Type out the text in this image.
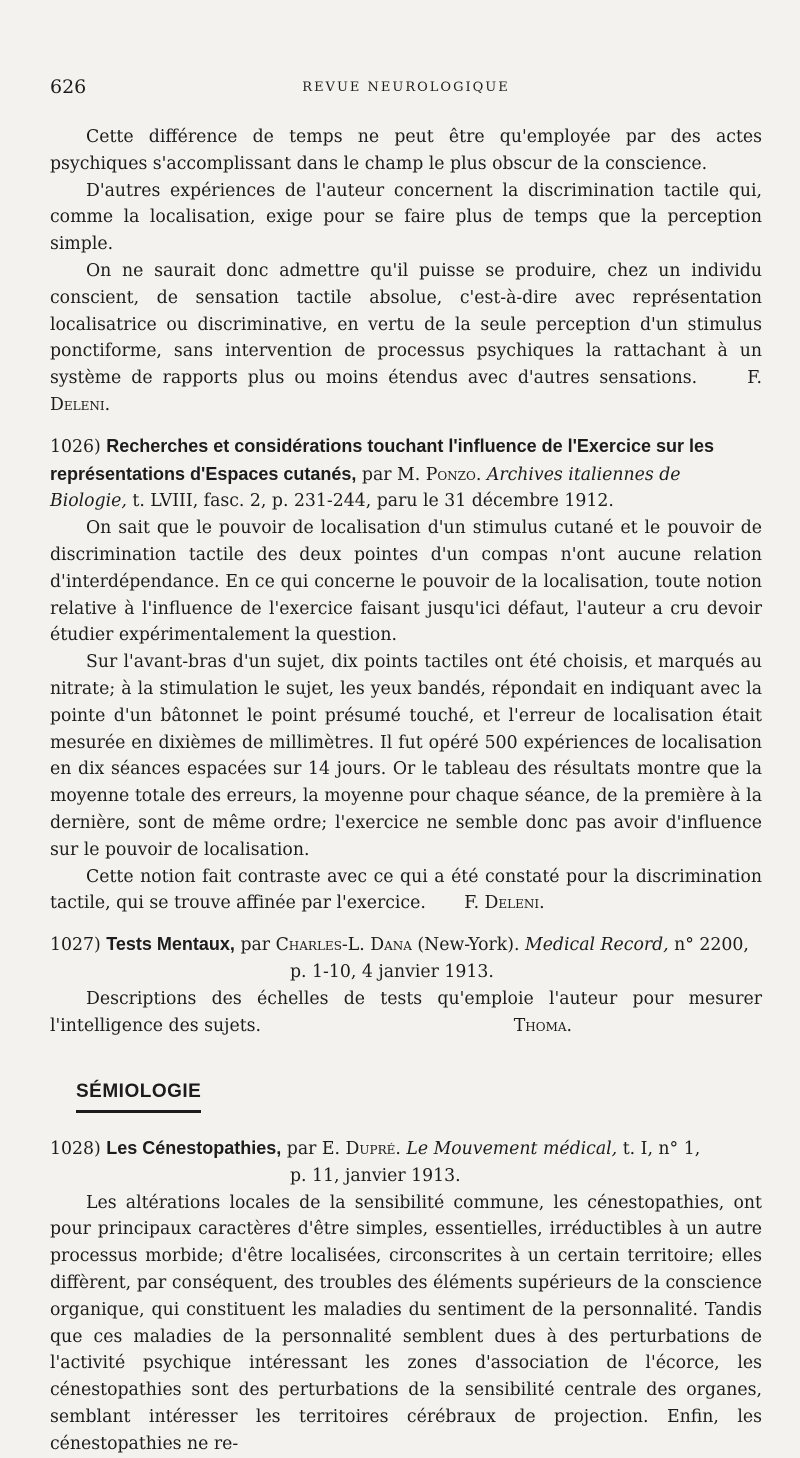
626	REVUE NEUROLOGIQUE

Cette différence de temps ne peut être qu'employée par des actes psychiques s'accomplissant dans le champ le plus obscur de la conscience.

D'autres expériences de l'auteur concernent la discrimination tactile qui, comme la localisation, exige pour se faire plus de temps que la perception simple.

On ne saurait donc admettre qu'il puisse se produire, chez un individu conscient, de sensation tactile absolue, c'est-à-dire avec représentation localisatrice ou discriminative, en vertu de la seule perception d'un stimulus ponctiforme, sans intervention de processus psychiques la rattachant à un système de rapports plus ou moins étendus avec d'autres sensations.	F. Deleni.

1026) Recherches et considérations touchant l'influence de l'Exercice sur les représentations d'Espaces cutanés, par M. Ponzo. Archives italiennes de Biologie, t. LVIII, fasc. 2, p. 231-244, paru le 31 décembre 1912.

On sait que le pouvoir de localisation d'un stimulus cutané et le pouvoir de discrimination tactile des deux pointes d'un compas n'ont aucune relation d'interdépendance. En ce qui concerne le pouvoir de la localisation, toute notion relative à l'influence de l'exercice faisant jusqu'ici défaut, l'auteur a cru devoir étudier expérimentalement la question.

Sur l'avant-bras d'un sujet, dix points tactiles ont été choisis, et marqués au nitrate; à la stimulation le sujet, les yeux bandés, répondait en indiquant avec la pointe d'un bâtonnet le point présumé touché, et l'erreur de localisation était mesurée en dixièmes de millimètres. Il fut opéré 500 expériences de localisation en dix séances espacées sur 14 jours. Or le tableau des résultats montre que la moyenne totale des erreurs, la moyenne pour chaque séance, de la première à la dernière, sont de même ordre; l'exercice ne semble donc pas avoir d'influence sur le pouvoir de localisation.

Cette notion fait contraste avec ce qui a été constaté pour la discrimination tactile, qui se trouve affinée par l'exercice. F. Deleni.

1027) Tests Mentaux, par Charles-L. Dana (New-York). Medical Record, n° 2200,
p. 1-10, 4 janvier 1913.

Descriptions des échelles de tests qu'emploie l'auteur pour mesurer l'intelligence des sujets.	Thoma.

SÉMIOLOGIE

1028) Les Cénestopathies, par E. Dupré. Le Mouvement médical, t. I, n° 1,
p. 11, janvier 1913.

Les altérations locales de la sensibilité commune, les cénestopathies, ont pour principaux caractères d'être simples, essentielles, irréductibles à un autre processus morbide; d'être localisées, circonscrites à un certain territoire; elles diffèrent, par conséquent, des troubles des éléments supérieurs de la conscience organique, qui constituent les maladies du sentiment de la personnalité. Tandis que ces maladies de la personnalité semblent dues à des perturbations de l'activité psychique intéressant les zones d'association de l'écorce, les cénestopathies sont des perturbations de la sensibilité centrale des organes, semblant intéresser les territoires cérébraux de projection. Enfin, les cénestopathies ne re-
